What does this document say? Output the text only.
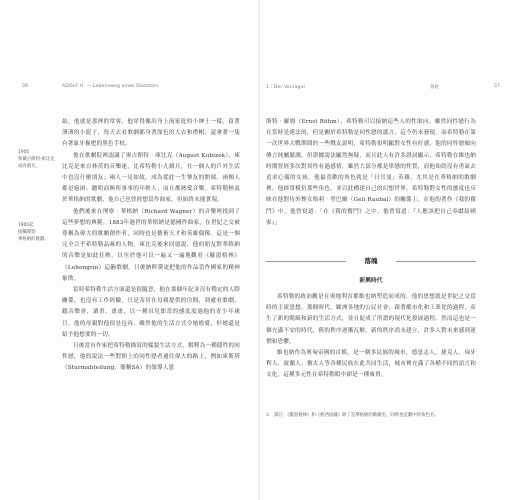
36	ADOLF H. — Lebensweg eines Diktators
1905
和戴古斯特‧庫比克
成為朋友。
1905起
接觸理察‧
華格納的歌劇。

始，他就是那裡的常客，他穿得像出身上流家庭的小紳士一樣，留著薄薄的小髭子，每天去看歌劇都身著深色的大衣和禮帽，還拿著一隻有著象牙握把的黑色手杖。

他在歌劇院裡認識了奧古斯特‧庫比克（August Kubizek），庫比克是來自林茨的音樂迷，比希特勒小九個月，在一個人的戶外生活中也沒什麼朋友；兩人一見如故，成為從此一生摯友的開端。兩個人都是窮困、聰明而無所事事的年輕人；而且都熱愛音樂。希特勒熱衷於華格納的歌劇，他自己也曾經想當作曲家，但始終未能實現。

他們後來在理察‧華格納（Richard Wagner）的音樂裡找到了這些夢想的典範。1883年過世的華格納是德國作曲家，在世紀之交被尊稱為偉大的歌劇創作者，同時也是藝術天才和英雄偶像。這是一個完全合乎希特勒品味的人物，庫比克後來回憶說，他的朋友對華格納的音樂是如此狂熱，以至於他可以一遍又一遍地觀看《羅恩格林》（Lohengrin）這齣歌劇，日後納粹黨更把他的作品當作國家的精神象徵。

當時希特勒生活方面還是很隨意，他在那個年紀並沒有穩定的人際關係，也沒有工作經驗，只是寄居在母親提供的房間，到處看歌劇、聽音樂會、讀書、畫畫，以一種吊兒郎當的態度度過他的青少年歲月。他的母親對他很是包容，雖然他的生活方式令她擔憂，但她還是給予他想要的一切。

日後當有作家把希特勒描寫的樣貌生活方式，解釋為一種隱性的同性戀，他的說法一些對照上的同性戀者通往偉大的路上，例如庫斯塔（Sturmabteilung，簡稱SA）的領導人恩

1｜Der Versager	魯蛇	37

斯特‧羅姆（Ernst Röhm），希特勒可以接納這些人的性取向，雖然同性戀行為在當時是違法的，但是關於希特勒是同性戀的謠言，這今仍未發現，而希特勒在第一次世界大戰期間的一些戰友說明，希特勒很明顯對女性有好感，他的同性戀傾向傳言純屬臆測。但證據說法顯然無疑，而且此人有許多證詞顯示，希特勒在維也納時期曾經多次對異性有過感情，雖然大部分都是單戀的性質，而他始終沒有勇氣去追求心儀的女孩。他最喜歡的角色就是「日耳曼」英雄，尤其是在華格納的歌劇裡，他經常模仿那些角色，並以此構建自己的幻想世界。希特勒對女性的態度也反映在他對待外甥女格莉‧勞巴爾（Geli Raubal）的關係上。在他的著作《我的奮鬥》中，他曾寫道：「在《我的奮鬥》之中，他曾寫道：『人應該把自己奉獻給國家』」

落魄
新興時代

希特勒的政治觀是在奧地利首都維也納塑造而成的，他的思想就是世紀之交當時的主流思想。那個時代，歐洲各地的公民社會，藉著都市化和工業化的過程，產生了新的階級和新的生活方式，並且促成了所謂的現代化發展過程。然而這也是一個充滿不安的時代，舊的秩序逐漸瓦解，新的秩序尚未建立，許多人對未來感到迷惘和恐懼。

維也納作為奧匈帝國的首都，是一個多民族的城市，德意志人、捷克人、匈牙利人、波蘭人、猶太人等各種民族在此共同生活，城市裡充滿了各種不同的語言和文化。這種多元性在希特勒眼中卻是一種威脅。

3 譯註：《羅恩格林》和《帕西法爾》除了是華格納的歌劇名，同時也是劇中的角色名。
